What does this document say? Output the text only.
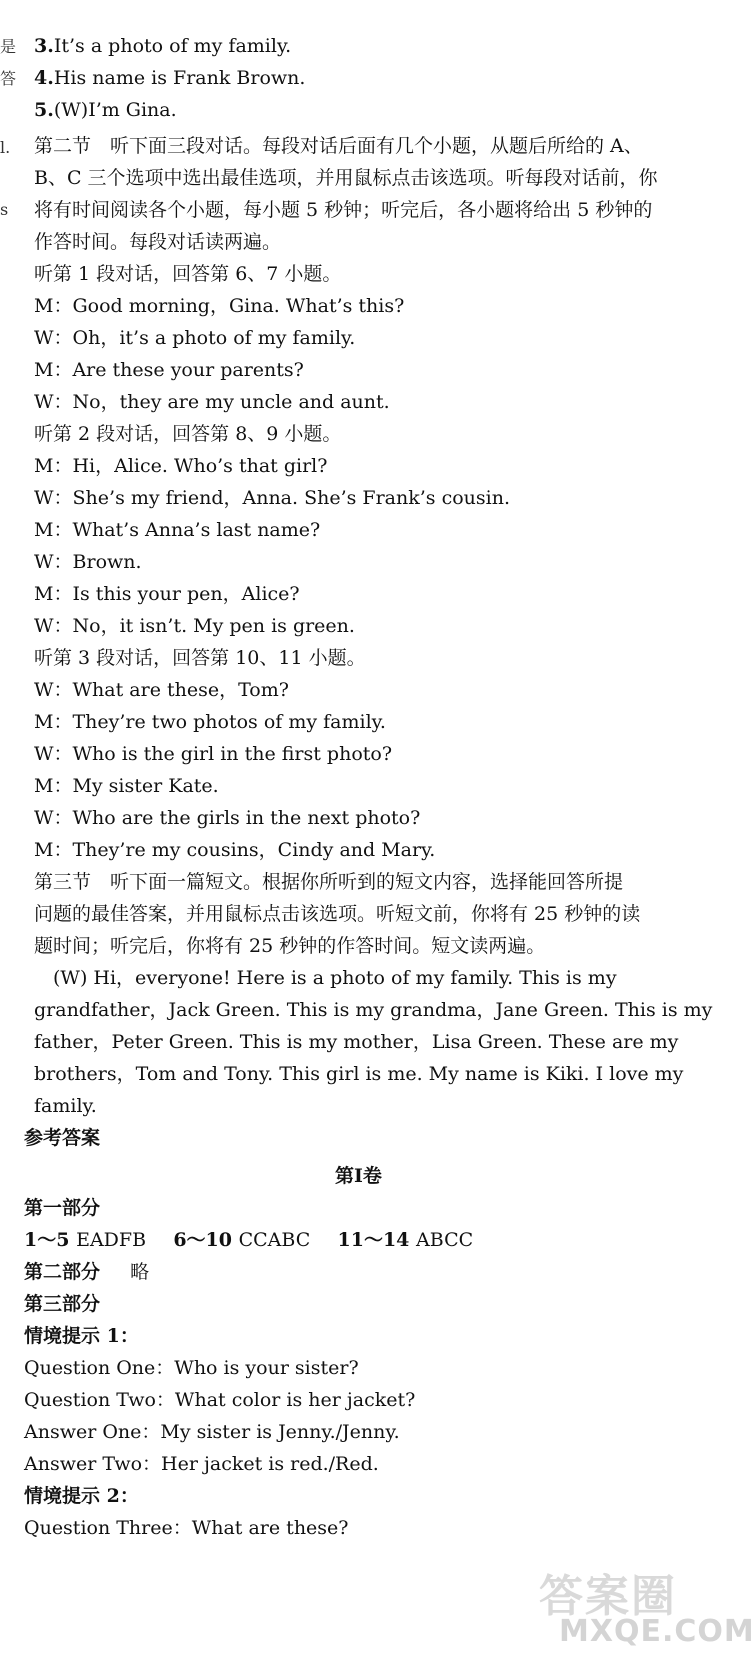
是
答
l.
s
3.It’s a photo of my family.
4.His name is Frank Brown.
5.(W)I’m Gina.
第二节　听下面三段对话。每段对话后面有几个小题，从题后所给的 A、
B、C 三个选项中选出最佳选项，并用鼠标点击该选项。听每段对话前，你
将有时间阅读各个小题，每小题 5 秒钟；听完后，各小题将给出 5 秒钟的
作答时间。每段对话读两遍。
听第 1 段对话，回答第 6、7 小题。
M：Good morning，Gina. What’s this?
W：Oh，it’s a photo of my family.
M：Are these your parents?
W：No，they are my uncle and aunt.
听第 2 段对话，回答第 8、9 小题。
M：Hi，Alice. Who’s that girl?
W：She’s my friend，Anna. She’s Frank’s cousin.
M：What’s Anna’s last name?
W：Brown.
M：Is this your pen，Alice?
W：No，it isn’t. My pen is green.
听第 3 段对话，回答第 10、11 小题。
W：What are these，Tom?
M：They’re two photos of my family.
W：Who is the girl in the first photo?
M：My sister Kate.
W：Who are the girls in the next photo?
M：They’re my cousins，Cindy and Mary.
第三节　听下面一篇短文。根据你所听到的短文内容，选择能回答所提
问题的最佳答案，并用鼠标点击该选项。听短文前，你将有 25 秒钟的读
题时间；听完后，你将有 25 秒钟的作答时间。短文读两遍。
　(W) Hi，everyone! Here is a photo of my family. This is my
grandfather，Jack Green. This is my grandma，Jane Green. This is my
father，Peter Green. This is my mother，Lisa Green. These are my
brothers，Tom and Tony. This girl is me. My name is Kiki. I love my
family.
参考答案
第Ⅰ卷
第一部分
1～5 EADFB 6～10 CCABC 11～14 ABCC
第二部分 略
第三部分
情境提示 1：
Question One：Who is your sister?
Question Two：What color is her jacket?
Answer One：My sister is Jenny./Jenny.
Answer Two：Her jacket is red./Red.
情境提示 2：
Question Three：What are these?
答案圈
MXQE.COM
